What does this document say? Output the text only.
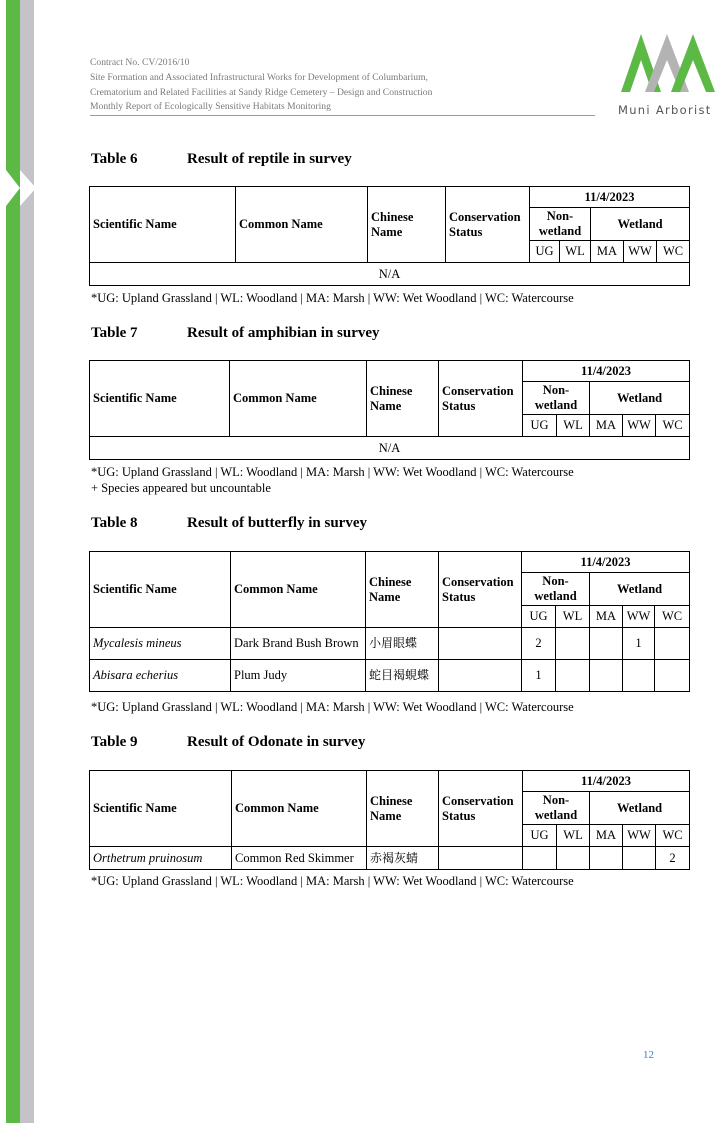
Contract No. CV/2016/10
Site Formation and Associated Infrastructural Works for Development of Columbarium,
Crematorium and Related Facilities at Sandy Ridge Cemetery – Design and Construction
Monthly Report of Ecologically Sensitive Habitats Monitoring	Muni Arborist
Table 6	Result of reptile in survey
Scientific Name	Common Name	Chinese Name	Conservation Status	11/4/2023				
				Non-wetland		Wetland		
				UG	WL	MA	WW	WC
N/A								
*UG: Upland Grassland | WL: Woodland | MA: Marsh | WW: Wet Woodland | WC: Watercourse
Table 7	Result of amphibian in survey
Scientific Name	Common Name	Chinese Name	Conservation Status	11/4/2023				
				Non-wetland		Wetland		
				UG	WL	MA	WW	WC
N/A								
*UG: Upland Grassland | WL: Woodland | MA: Marsh | WW: Wet Woodland | WC: Watercourse
+ Species appeared but uncountable
Table 8	Result of butterfly in survey
Scientific Name	Common Name	Chinese Name	Conservation Status	11/4/2023				
				Non-wetland		Wetland		
				UG	WL	MA	WW	WC
Mycalesis mineus	Dark Brand Bush Brown	小眉眼蝶		2			1	
Abisara echerius	Plum Judy	蛇目褐蜆蝶		1				
*UG: Upland Grassland | WL: Woodland | MA: Marsh | WW: Wet Woodland | WC: Watercourse
Table 9	Result of Odonate in survey
Scientific Name	Common Name	Chinese Name	Conservation Status	11/4/2023				
				Non-wetland		Wetland		
				UG	WL	MA	WW	WC
Orthetrum pruinosum	Common Red Skimmer	赤褐灰蜻						2
*UG: Upland Grassland | WL: Woodland | MA: Marsh | WW: Wet Woodland | WC: Watercourse
12
